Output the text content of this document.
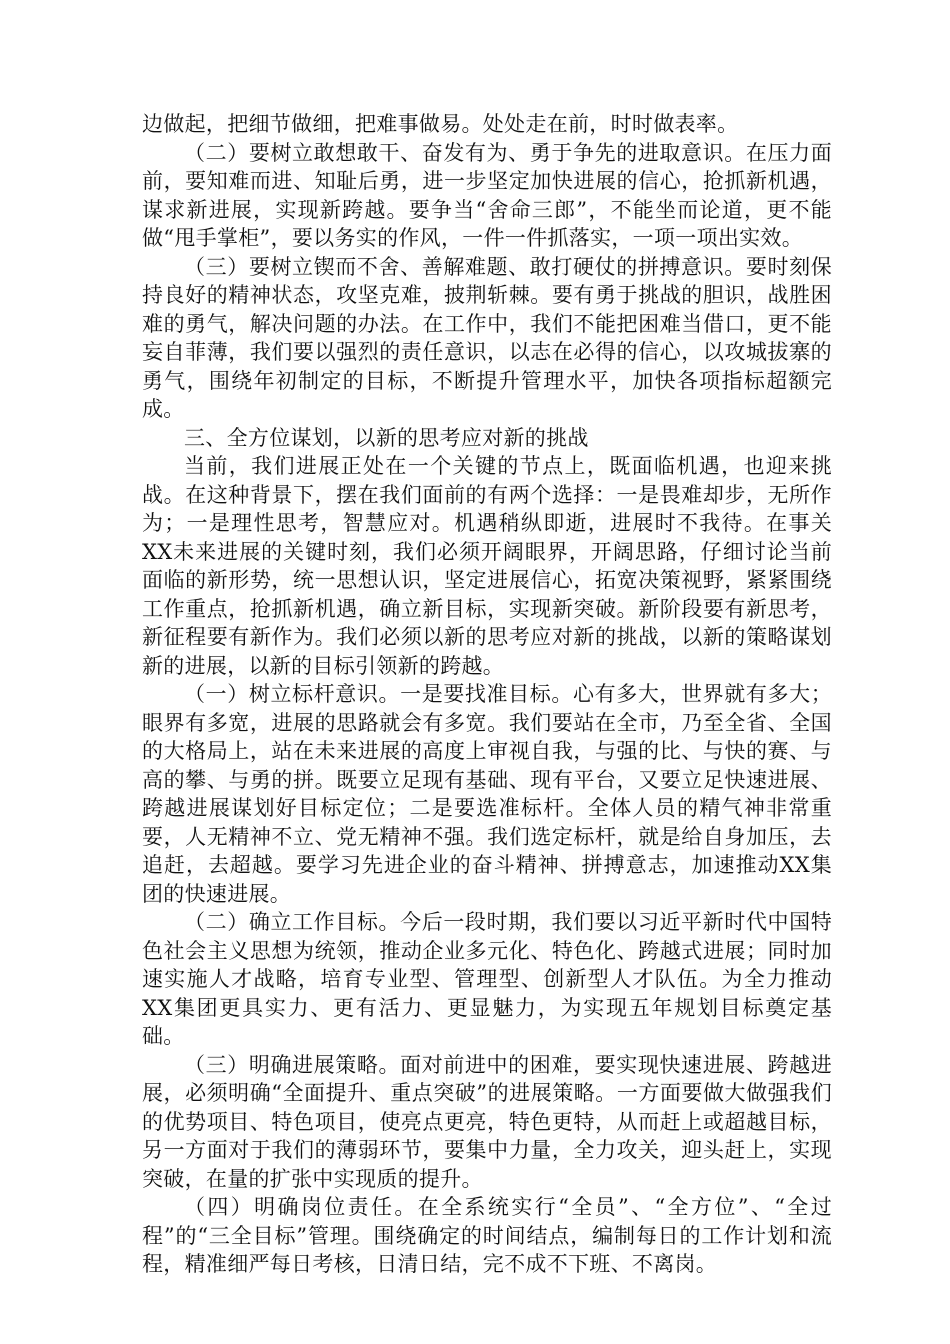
边做起，把细节做细，把难事做易。处处走在前，时时做表率。

（二）要树立敢想敢干、奋发有为、勇于争先的进取意识。在压力面前，要知难而进、知耻后勇，进一步坚定加快进展的信心，抢抓新机遇，谋求新进展，实现新跨越。要争当“舍命三郎”，不能坐而论道，更不能做“甩手掌柜”，要以务实的作风，一件一件抓落实，一项一项出实效。

（三）要树立锲而不舍、善解难题、敢打硬仗的拼搏意识。要时刻保持良好的精神状态，攻坚克难，披荆斩棘。要有勇于挑战的胆识，战胜困难的勇气，解决问题的办法。在工作中，我们不能把困难当借口，更不能妄自菲薄，我们要以强烈的责任意识，以志在必得的信心，以攻城拔寨的勇气，围绕年初制定的目标，不断提升管理水平，加快各项指标超额完成。

三、全方位谋划，以新的思考应对新的挑战

当前，我们进展正处在一个关键的节点上，既面临机遇，也迎来挑战。在这种背景下，摆在我们面前的有两个选择：一是畏难却步，无所作为；一是理性思考，智慧应对。机遇稍纵即逝，进展时不我待。在事关XX未来进展的关键时刻，我们必须开阔眼界，开阔思路，仔细讨论当前面临的新形势，统一思想认识，坚定进展信心，拓宽决策视野，紧紧围绕工作重点，抢抓新机遇，确立新目标，实现新突破。新阶段要有新思考，新征程要有新作为。我们必须以新的思考应对新的挑战，以新的策略谋划新的进展，以新的目标引领新的跨越。

（一）树立标杆意识。一是要找准目标。心有多大，世界就有多大；眼界有多宽，进展的思路就会有多宽。我们要站在全市，乃至全省、全国的大格局上，站在未来进展的高度上审视自我，与强的比、与快的赛、与高的攀、与勇的拼。既要立足现有基础、现有平台，又要立足快速进展、跨越进展谋划好目标定位；二是要选准标杆。全体人员的精气神非常重要，人无精神不立、党无精神不强。我们选定标杆，就是给自身加压，去追赶，去超越。要学习先进企业的奋斗精神、拼搏意志，加速推动XX集团的快速进展。

（二）确立工作目标。今后一段时期，我们要以习近平新时代中国特色社会主义思想为统领，推动企业多元化、特色化、跨越式进展；同时加速实施人才战略，培育专业型、管理型、创新型人才队伍。为全力推动XX集团更具实力、更有活力、更显魅力，为实现五年规划目标奠定基础。

（三）明确进展策略。面对前进中的困难，要实现快速进展、跨越进展，必须明确“全面提升、重点突破”的进展策略。一方面要做大做强我们的优势项目、特色项目，使亮点更亮，特色更特，从而赶上或超越目标，另一方面对于我们的薄弱环节，要集中力量，全力攻关，迎头赶上，实现突破，在量的扩张中实现质的提升。

（四）明确岗位责任。在全系统实行“全员”、“全方位”、“全过程”的“三全目标”管理。围绕确定的时间结点，编制每日的工作计划和流程，精准细严每日考核，日清日结，完不成不下班、不离岗。
